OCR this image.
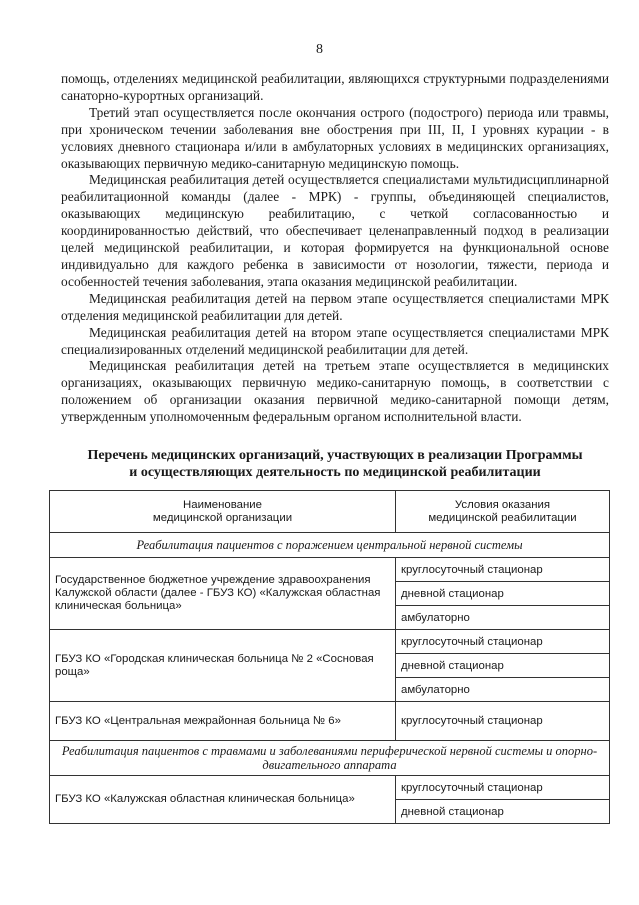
8

помощь, отделениях медицинской реабилитации, являющихся структурными подразделениями санаторно-курортных организаций.

Третий этап осуществляется после окончания острого (подострого) периода или травмы, при хроническом течении заболевания вне обострения при III, II, I уровнях курации - в условиях дневного стационара и/или в амбулаторных условиях в медицинских организациях, оказывающих первичную медико-санитарную медицинскую помощь.

Медицинская реабилитация детей осуществляется специалистами мультидисциплинарной реабилитационной команды (далее - МРК) - группы, объединяющей специалистов, оказывающих медицинскую реабилитацию, с четкой согласованностью и координированностью действий, что обеспечивает целенаправленный подход в реализации целей медицинской реабилитации, и которая формируется на функциональной основе индивидуально для каждого ребенка в зависимости от нозологии, тяжести, периода и особенностей течения заболевания, этапа оказания медицинской реабилитации.

Медицинская реабилитация детей на первом этапе осуществляется специалистами МРК отделения медицинской реабилитации для детей.

Медицинская реабилитация детей на втором этапе осуществляется специалистами МРК специализированных отделений медицинской реабилитации для детей.

Медицинская реабилитация детей на третьем этапе осуществляется в медицинских организациях, оказывающих первичную медико-санитарную помощь, в соответствии с положением об организации оказания первичной медико-санитарной помощи детям, утвержденным уполномоченным федеральным органом исполнительной власти.

Перечень медицинских организаций, участвующих в реализации Программы
и осуществляющих деятельность по медицинской реабилитации
Наименование
медицинской организации	Условия оказания
медицинской реабилитации
Реабилитация пациентов с поражением центральной нервной системы	
Государственное бюджетное учреждение здравоохранения Калужской области (далее - ГБУЗ КО) «Калужская областная клиническая больница»	круглосуточный стационар
	дневной стационар
	амбулаторно
ГБУЗ КО «Городская клиническая больница № 2 «Сосновая роща»	круглосуточный стационар
	дневной стационар
	амбулаторно
ГБУЗ КО «Центральная межрайонная больница № 6»	круглосуточный стационар
Реабилитация пациентов с травмами и заболеваниями периферической нервной системы и опорно-двигательного аппарата	
ГБУЗ КО «Калужская областная клиническая больница»	круглосуточный стационар
	дневной стационар
